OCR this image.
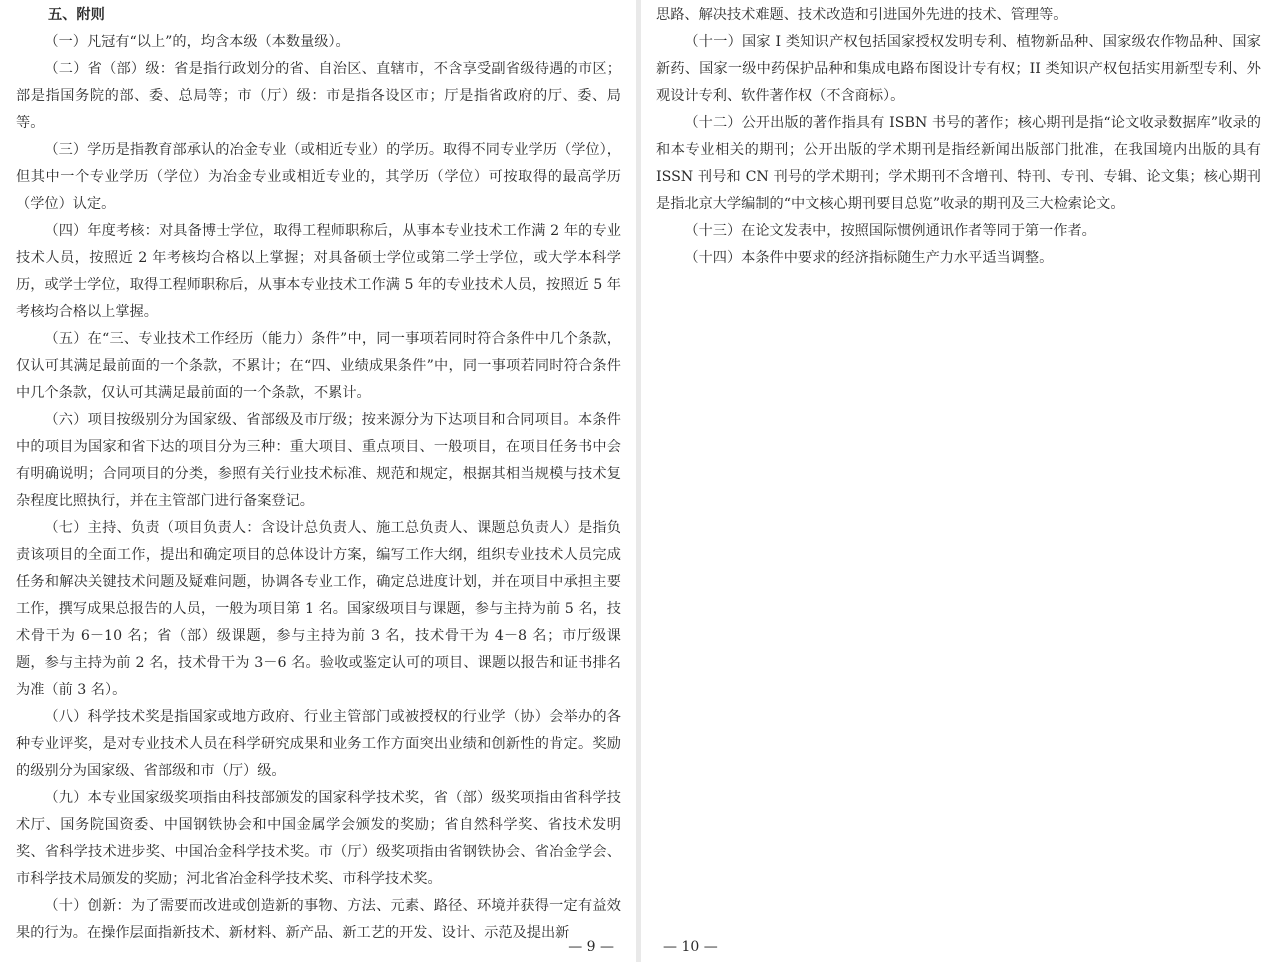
五、附则

（一）凡冠有“以上”的，均含本级（本数量级）。

（二）省（部）级：省是指行政划分的省、自治区、直辖市，不含享受副省级待遇的市区；部是指国务院的部、委、总局等；市（厅）级：市是指各设区市；厅是指省政府的厅、委、局等。

（三）学历是指教育部承认的冶金专业（或相近专业）的学历。取得不同专业学历（学位），但其中一个专业学历（学位）为冶金专业或相近专业的，其学历（学位）可按取得的最高学历（学位）认定。

（四）年度考核：对具备博士学位，取得工程师职称后，从事本专业技术工作满 2 年的专业技术人员，按照近 2 年考核均合格以上掌握；对具备硕士学位或第二学士学位，或大学本科学历，或学士学位，取得工程师职称后，从事本专业技术工作满 5 年的专业技术人员，按照近 5 年考核均合格以上掌握。

（五）在“三、专业技术工作经历（能力）条件”中，同一事项若同时符合条件中几个条款，仅认可其满足最前面的一个条款，不累计；在“四、业绩成果条件”中，同一事项若同时符合条件中几个条款，仅认可其满足最前面的一个条款，不累计。

（六）项目按级别分为国家级、省部级及市厅级；按来源分为下达项目和合同项目。本条件中的项目为国家和省下达的项目分为三种：重大项目、重点项目、一般项目，在项目任务书中会有明确说明；合同项目的分类，参照有关行业技术标准、规范和规定，根据其相当规模与技术复杂程度比照执行，并在主管部门进行备案登记。

（七）主持、负责（项目负责人：含设计总负责人、施工总负责人、课题总负责人）是指负责该项目的全面工作，提出和确定项目的总体设计方案，编写工作大纲，组织专业技术人员完成任务和解决关键技术问题及疑难问题，协调各专业工作，确定总进度计划，并在项目中承担主要工作，撰写成果总报告的人员，一般为项目第 1 名。国家级项目与课题，参与主持为前 5 名，技术骨干为 6－10 名；省（部）级课题，参与主持为前 3 名，技术骨干为 4－8 名；市厅级课题，参与主持为前 2 名，技术骨干为 3－6 名。验收或鉴定认可的项目、课题以报告和证书排名为准（前 3 名）。

（八）科学技术奖是指国家或地方政府、行业主管部门或被授权的行业学（协）会举办的各种专业评奖，是对专业技术人员在科学研究成果和业务工作方面突出业绩和创新性的肯定。奖励的级别分为国家级、省部级和市（厅）级。

（九）本专业国家级奖项指由科技部颁发的国家科学技术奖，省（部）级奖项指由省科学技术厅、国务院国资委、中国钢铁协会和中国金属学会颁发的奖励；省自然科学奖、省技术发明奖、省科学技术进步奖、中国冶金科学技术奖。市（厅）级奖项指由省钢铁协会、省冶金学会、市科学技术局颁发的奖励；河北省冶金科学技术奖、市科学技术奖。

（十）创新：为了需要而改进或创造新的事物、方法、元素、路径、环境并获得一定有益效果的行为。在操作层面指新技术、新材料、新产品、新工艺的开发、设计、示范及提出新

— 9 —

思路、解决技术难题、技术改造和引进国外先进的技术、管理等。

（十一）国家 I 类知识产权包括国家授权发明专利、植物新品种、国家级农作物品种、国家新药、国家一级中药保护品种和集成电路布图设计专有权；II 类知识产权包括实用新型专利、外观设计专利、软件著作权（不含商标）。

（十二）公开出版的著作指具有 ISBN 书号的著作；核心期刊是指“论文收录数据库”收录的和本专业相关的期刊；公开出版的学术期刊是指经新闻出版部门批准，在我国境内出版的具有 ISSN 刊号和 CN 刊号的学术期刊；学术期刊不含增刊、特刊、专刊、专辑、论文集；核心期刊是指北京大学编制的“中文核心期刊要目总览”收录的期刊及三大检索论文。

（十三）在论文发表中，按照国际惯例通讯作者等同于第一作者。

（十四）本条件中要求的经济指标随生产力水平适当调整。

— 10 —
